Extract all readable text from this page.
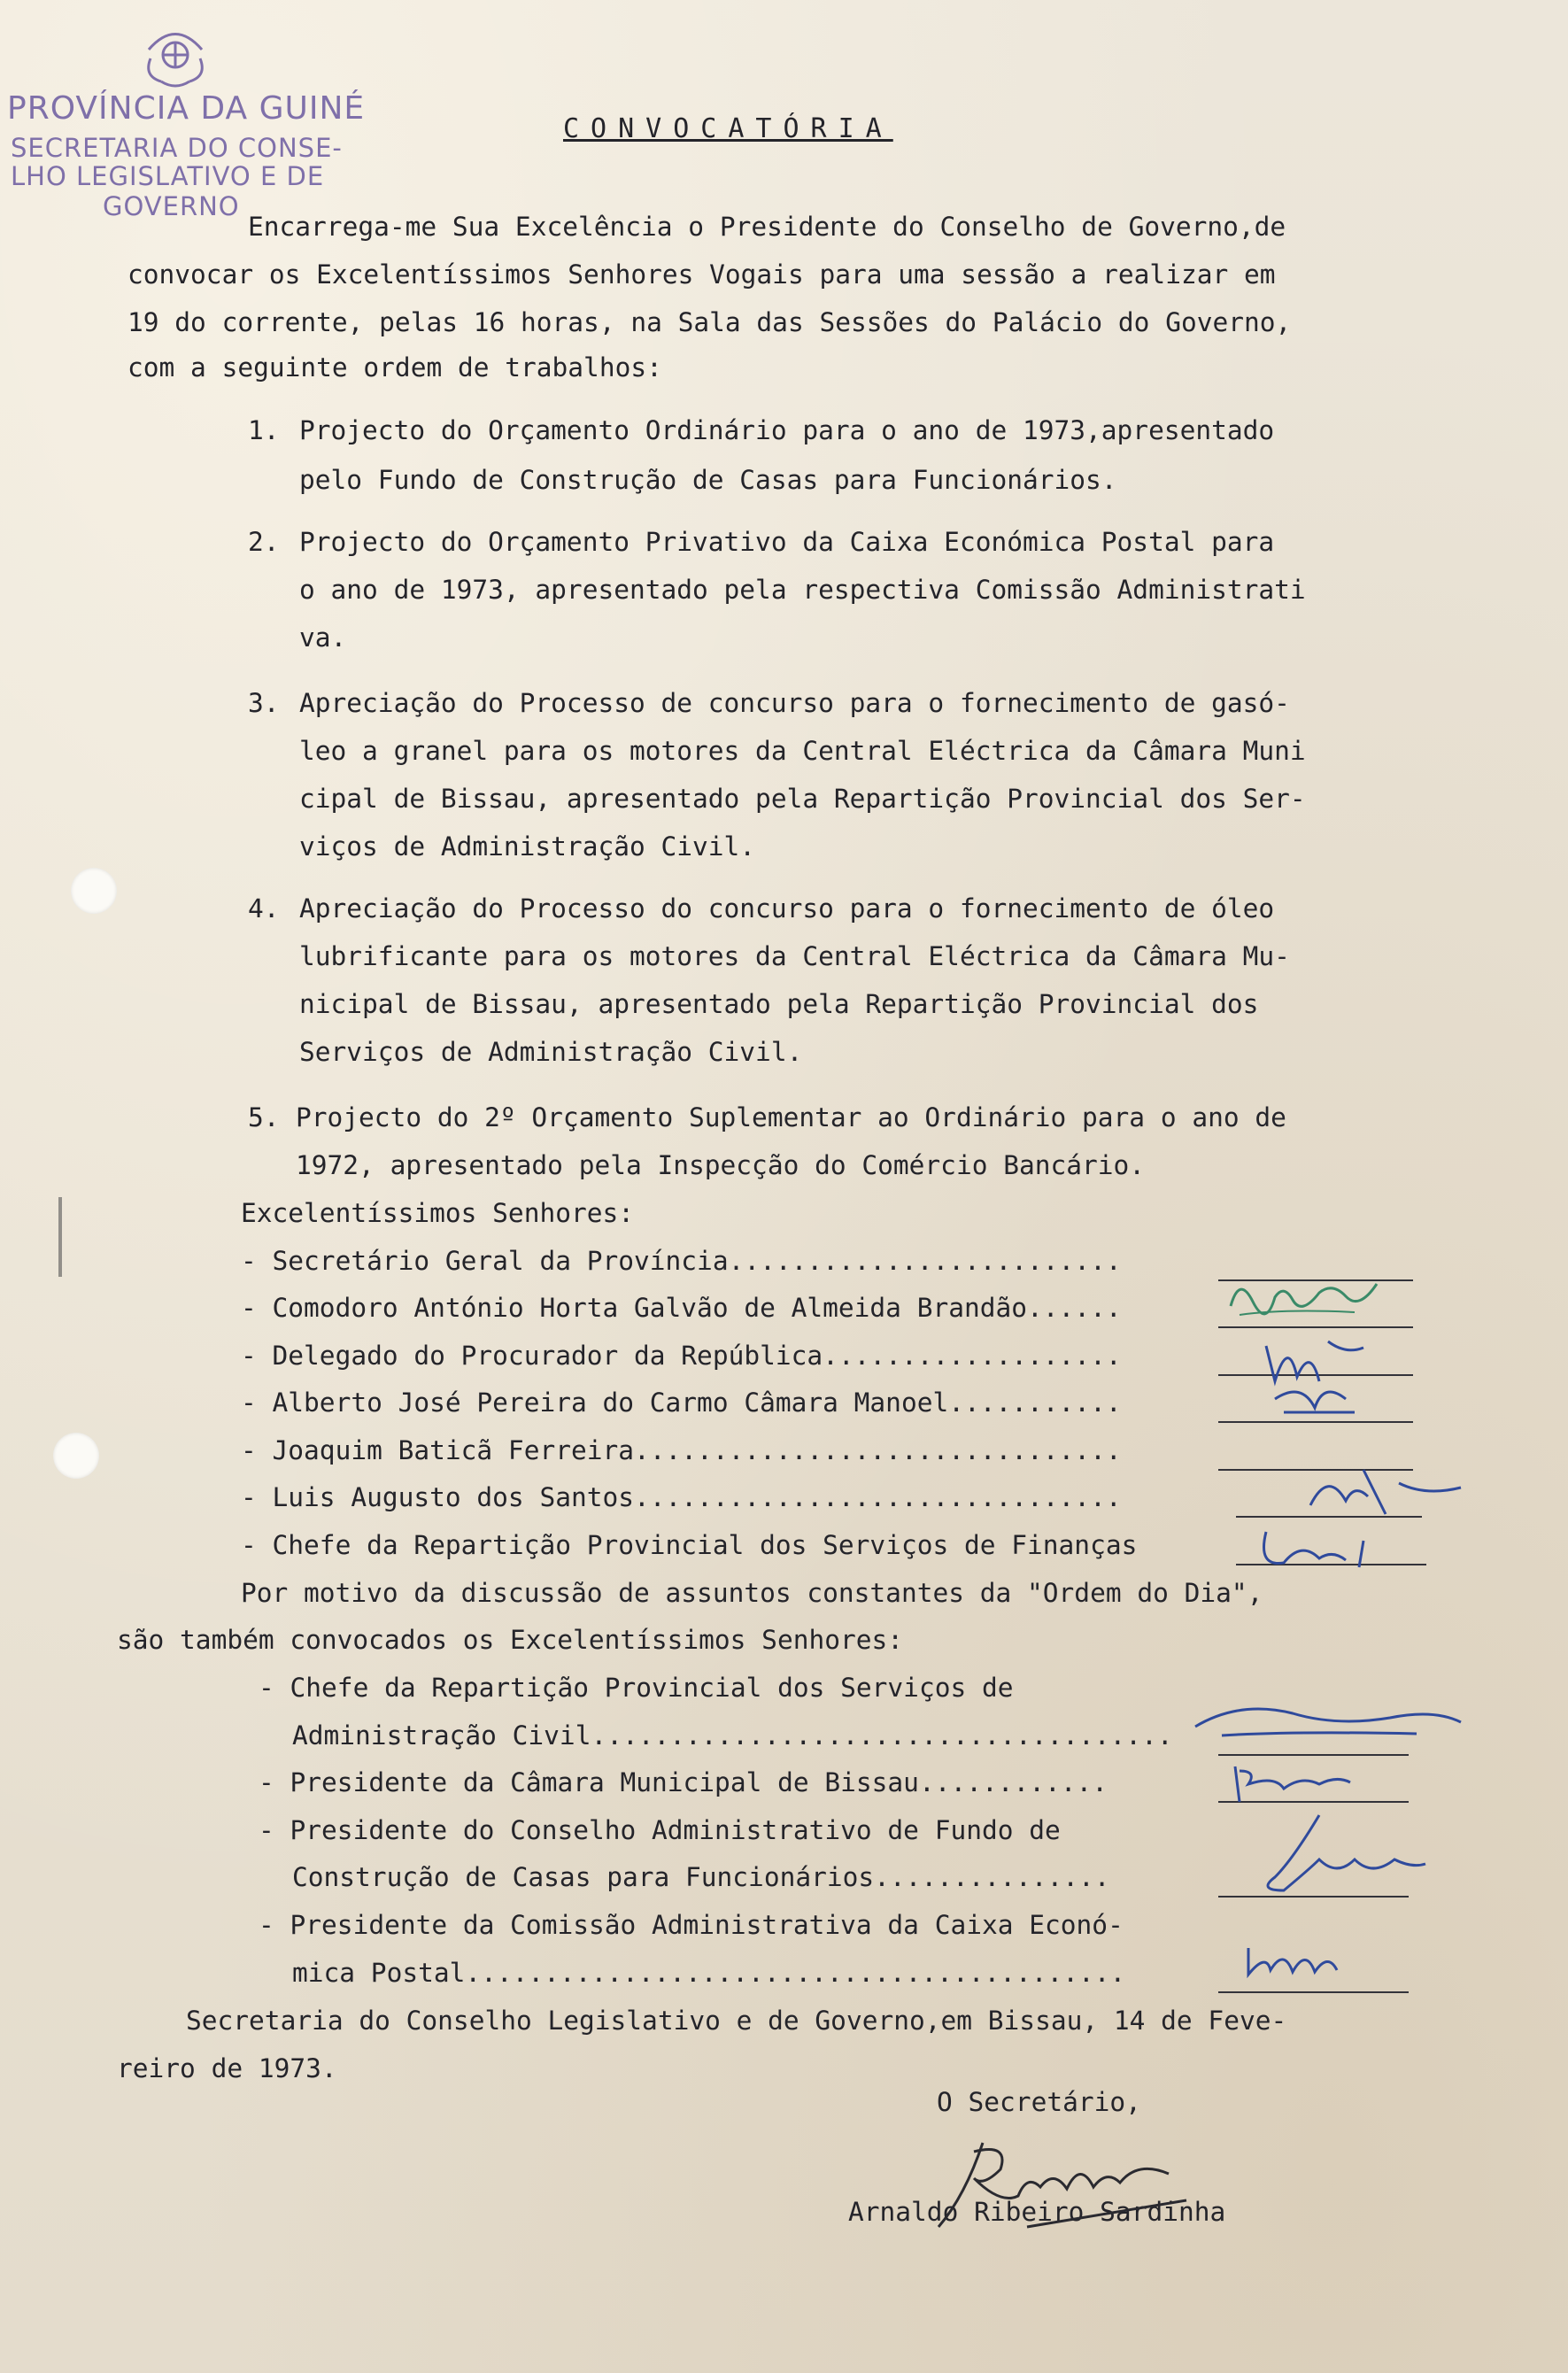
PROVÍNCIA DA GUINÉ
SECRETARIA DO CONSE-
LHO LEGISLATIVO E DE
GOVERNO
CONVOCATÓRIA
Encarrega-me Sua Excelência o Presidente do Conselho de Governo,de
convocar os Excelentíssimos Senhores Vogais para uma sessão a realizar em
19 do corrente, pelas 16 horas, na Sala das Sessões do Palácio do Governo,
com a seguinte ordem de trabalhos:
1. Projecto do Orçamento Ordinário para o ano de 1973,apresentado
pelo Fundo de Construção de Casas para Funcionários.
2. Projecto do Orçamento Privativo da Caixa Económica Postal para
o ano de 1973, apresentado pela respectiva Comissão Administrati
va.
3. Apreciação do Processo de concurso para o fornecimento de gasó-
leo a granel para os motores da Central Eléctrica da Câmara Muni
cipal de Bissau, apresentado pela Repartição Provincial dos Ser-
viços de Administração Civil.
4. Apreciação do Processo do concurso para o fornecimento de óleo
lubrificante para os motores da Central Eléctrica da Câmara Mu-
nicipal de Bissau, apresentado pela Repartição Provincial dos
Serviços de Administração Civil.
5. Projecto do 2º Orçamento Suplementar ao Ordinário para o ano de
1972, apresentado pela Inspecção do Comércio Bancário.
Excelentíssimos Senhores:
- Secretário Geral da Província.........................
- Comodoro António Horta Galvão de Almeida Brandão......
- Delegado do Procurador da República...................
- Alberto José Pereira do Carmo Câmara Manoel...........
- Joaquim Baticã Ferreira...............................
- Luis Augusto dos Santos...............................
- Chefe da Repartição Provincial dos Serviços de Finanças
Por motivo da discussão de assuntos constantes da "Ordem do Dia",
são também convocados os Excelentíssimos Senhores:
- Chefe da Repartição Provincial dos Serviços de
Administração Civil.....................................
- Presidente da Câmara Municipal de Bissau............
- Presidente do Conselho Administrativo de Fundo de
Construção de Casas para Funcionários...............
- Presidente da Comissão Administrativa da Caixa Econó-
mica Postal..........................................
Secretaria do Conselho Legislativo e de Governo,em Bissau, 14 de Feve-
reiro de 1973.
O Secretário,
Arnaldo Ribeiro Sardinha
